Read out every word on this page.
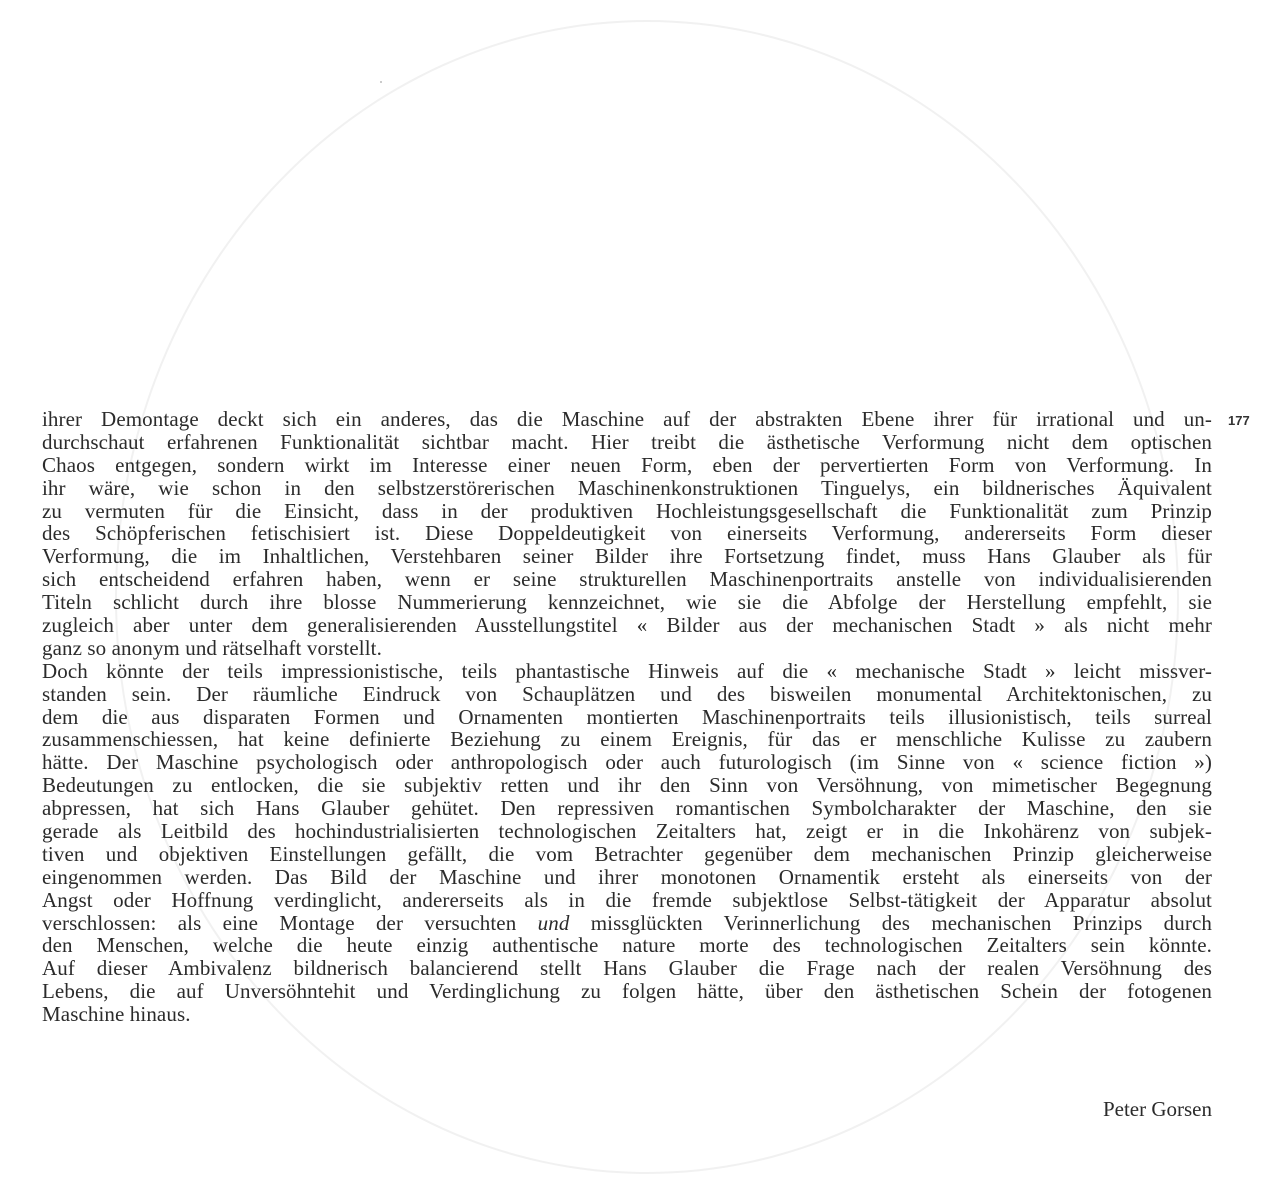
177
ihrer Demontage deckt sich ein anderes, das die Maschine auf der abstrakten Ebene ihrer für irrational und un-
durchschaut erfahrenen Funktionalität sichtbar macht. Hier treibt die ästhetische Verformung nicht dem optischen
Chaos entgegen, sondern wirkt im Interesse einer neuen Form, eben der pervertierten Form von Verformung. In
ihr wäre, wie schon in den selbstzerstörerischen Maschinenkonstruktionen Tinguelys, ein bildnerisches Äquivalent
zu vermuten für die Einsicht, dass in der produktiven Hochleistungsgesellschaft die Funktionalität zum Prinzip
des Schöpferischen fetischisiert ist. Diese Doppeldeutigkeit von einerseits Verformung, andererseits Form dieser
Verformung, die im Inhaltlichen, Verstehbaren seiner Bilder ihre Fortsetzung findet, muss Hans Glauber als für
sich entscheidend erfahren haben, wenn er seine strukturellen Maschinenportraits anstelle von individualisierenden
Titeln schlicht durch ihre blosse Nummerierung kennzeichnet, wie sie die Abfolge der Herstellung empfehlt, sie
zugleich aber unter dem generalisierenden Ausstellungstitel « Bilder aus der mechanischen Stadt » als nicht mehr
ganz so anonym und rätselhaft vorstellt.
Doch könnte der teils impressionistische, teils phantastische Hinweis auf die « mechanische Stadt » leicht missver-
standen sein. Der räumliche Eindruck von Schauplätzen und des bisweilen monumental Architektonischen, zu
dem die aus disparaten Formen und Ornamenten montierten Maschinenportraits teils illusionistisch, teils surreal
zusammenschiessen, hat keine definierte Beziehung zu einem Ereignis, für das er menschliche Kulisse zu zaubern
hätte. Der Maschine psychologisch oder anthropologisch oder auch futurologisch (im Sinne von « science fiction »)
Bedeutungen zu entlocken, die sie subjektiv retten und ihr den Sinn von Versöhnung, von mimetischer Begegnung
abpressen, hat sich Hans Glauber gehütet. Den repressiven romantischen Symbolcharakter der Maschine, den sie
gerade als Leitbild des hochindustrialisierten technologischen Zeitalters hat, zeigt er in die Inkohärenz von subjek-
tiven und objektiven Einstellungen gefällt, die vom Betrachter gegenüber dem mechanischen Prinzip gleicherweise
eingenommen werden. Das Bild der Maschine und ihrer monotonen Ornamentik ersteht als einerseits von der
Angst oder Hoffnung verdinglicht, andererseits als in die fremde subjektlose Selbst-tätigkeit der Apparatur absolut
verschlossen: als eine Montage der versuchten und missglückten Verinnerlichung des mechanischen Prinzips durch
den Menschen, welche die heute einzig authentische nature morte des technologischen Zeitalters sein könnte.
Auf dieser Ambivalenz bildnerisch balancierend stellt Hans Glauber die Frage nach der realen Versöhnung des
Lebens, die auf Unversöhntehit und Verdinglichung zu folgen hätte, über den ästhetischen Schein der fotogenen
Maschine hinaus.
Peter Gorsen
